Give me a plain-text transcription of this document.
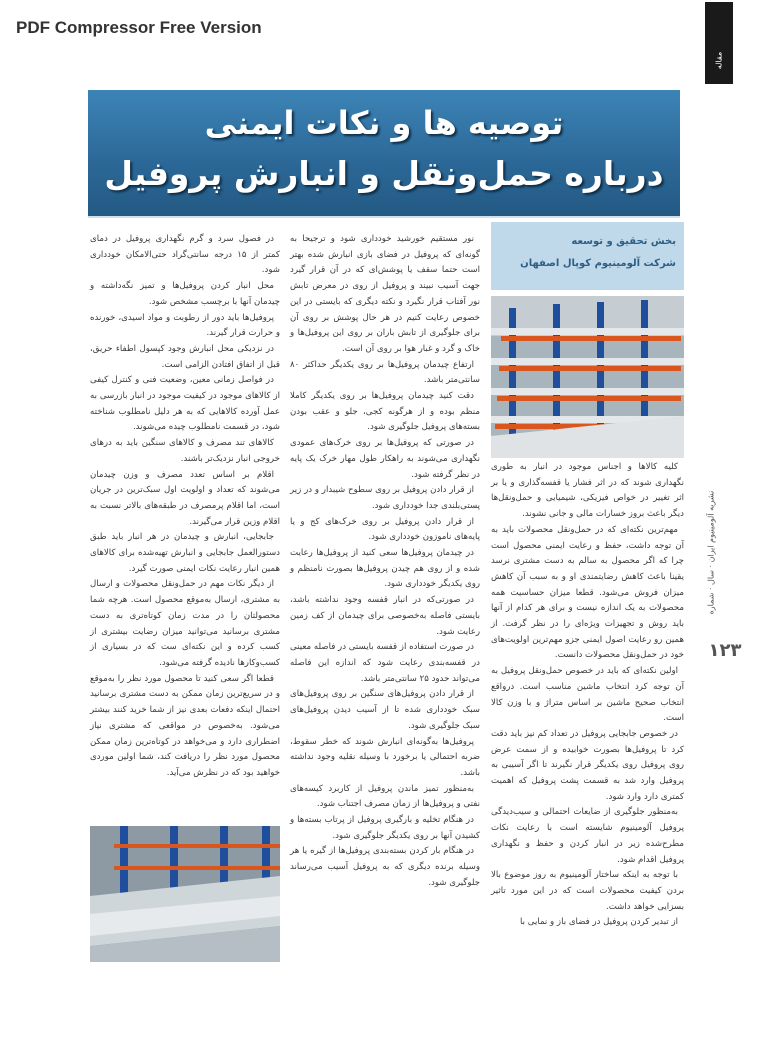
PDF Compressor Free Version
مقاله
نشریه آلومینیوم ایران · سال · شماره
۱۲۳
توصیه ها و نکات ایمنی
درباره حمل‌ونقل و انبارش پروفیل
بخش تحقیق و توسعه
شرکت آلومینیوم کوپال اصفهان

کلیه کالاها و اجناس موجود در انبار به طوری نگهداری شوند که در اثر فشار یا قفسه‌گذاری و یا بر اثر تغییر در خواص فیزیکی، شیمیایی و حمل‌ونقل‌ها دیگر باعث بروز خسارات مالی و جانی نشوند.

مهم‌ترین نکته‌ای که در حمل‌ونقل محصولات باید به آن توجه داشت، حفظ و رعایت ایمنی محصول است چرا که اگر محصول به سالم به دست مشتری نرسد یقینا باعث کاهش رضایتمندی او و به سبب آن کاهش میزان فروش می‌شود. قطعا میزان حساسیت همه محصولات به یک اندازه نیست و برای هر کدام از آنها باید روش و تجهیزات ویژه‌ای را در نظر گرفت. از همین رو رعایت اصول ایمنی جزو مهم‌ترین اولویت‌های خود در حمل‌ونقل محصولات دانست.

اولین نکته‌ای که باید در خصوص حمل‌ونقل پروفیل به آن توجه کرد انتخاب ماشین مناسب است. درواقع انتخاب صحیح ماشین بر اساس متراژ و با وزن کالا است.

در خصوص جابجایی پروفیل در تعداد کم نیز باید دقت کرد تا پروفیل‌ها بصورت خوابیده و از سمت عرض روی پروفیل روی یکدیگر قرار نگیرند تا اگر آسیبی به پروفیل وارد شد به قسمت پشت پروفیل که اهمیت کمتری دارد وارد شود.

به‌منظور جلوگیری از ضایعات احتمالی و سیب‌دیدگی پروفیل آلومینیوم شایسته است با رعایت نکات مطرح‌شده زیر در انبار کردن و حفظ و نگهداری پروفیل اقدام شود.

با توجه به اینکه ساختار آلومینیوم به روز موضوع بالا بردن کیفیت محصولات است که در این مورد تاثیر بسزایی خواهد داشت.

از تبدیر کردن پروفیل در فضای باز و نمایی با

نور مستقیم خورشید خودداری شود و ترجیحا به گونه‌ای که پروفیل در فضای بازی انبارش شده بهتر است حتما سقف یا پوشش‌ای که در آن قرار گیرد جهت آسیب نبیند و پروفیل از روی در معرض تابش نور آفتاب قرار نگیرد و نکته دیگری که بایستی در این خصوص رعایت کنیم در هر حال پوشش بر روی آن برای جلوگیری از تابش باران بر روی این پروفیل‌ها و خاک و گرد و غبار هوا بر روی آن است.

ارتفاع چیدمان پروفیل‌ها بر روی یکدیگر حداکثر ۸۰ سانتی‌متر باشد.

دقت کنید چیدمان پروفیل‌ها بر روی یکدیگر کاملا منظم بوده و از هرگونه کجی، جلو و عقب بودن بسته‌های پروفیل جلوگیری شود.

در صورتی که پروفیل‌ها بر روی خرک‌های عمودی نگهداری می‌شوند به راهکار طول مهار خرک یک پایه در نظر گرفته شود.

از قرار دادن پروفیل بر روی سطوح شیبدار و در زیر پستی‌بلندی جدا خودداری شود.

از قرار دادن پروفیل بر روی خرک‌های کج و یا پایه‌های ناموزون خودداری شود.

در چیدمان پروفیل‌ها سعی کنید از پروفیل‌ها رعایت شده و از روی هم چیدن پروفیل‌ها بصورت نامنظم و روی یکدیگر خودداری شود.

در صورتی‌که در انبار قفسه وجود نداشته باشد، بایستی فاصله به‌خصوصی برای چیدمان از کف زمین رعایت شود.

در صورت استفاده از قفسه بایستی در فاصله معینی در قفسه‌بندی رعایت شود که اندازه این فاصله می‌تواند حدود ۲۵ سانتی‌متر باشد.

از قرار دادن پروفیل‌های سنگین بر روی پروفیل‌های سبک خودداری شده تا از آسیب دیدن پروفیل‌های سبک جلوگیری شود.

پروفیل‌ها به‌گونه‌ای انبارش شوند که خطر سقوط، ضربه احتمالی یا برخورد با وسیله نقلیه وجود نداشته باشد.

به‌منظور تمیز ماندن پروفیل از کاربرد کیسه‌های نفتی و پروفیل‌ها از زمان مصرف اجتناب شود.

در هنگام تخلیه و بارگیری پروفیل از پرتاب بسته‌ها و کشیدن آنها بر روی یکدیگر جلوگیری شود.

در هنگام بار کردن بسته‌بندی پروفیل‌ها از گیره یا هر وسیله برنده دیگری که به پروفیل آسیب می‌رساند جلوگیری شود.

در فصول سرد و گرم نگهداری پروفیل در دمای کمتر از ۱۵ درجه سانتی‌گراد حتی‌الامکان خودداری شود.

محل انبار کردن پروفیل‌ها و تمیز نگه‌داشته و چیدمان آنها با برچسب مشخص شود.

پروفیل‌ها باید دور از رطوبت و مواد اسیدی، خورنده و حرارت قرار گیرند.

در نزدیکی محل انبارش وجود کپسول اطفاء حریق، قبل از اتفاق افتادن الزامی است.

در فواصل زمانی معین، وضعیت فنی و کنترل کیفی از کالاهای موجود در کیفیت موجود در انبار بازرسی به عمل آورده کالاهایی که به هر دلیل نامطلوب شناخته شود، در قسمت نامطلوب چیده می‌شوند.

کالاهای تند مصرف و کالاهای سنگین باید به درهای خروجی انبار نزدیک‌تر باشند.

اقلام بر اساس تعدد مصرف و وزن چیدمان می‌شوند که تعداد و اولویت اول سبک‌ترین در جریان است، اما اقلام پرمصرف در طبقه‌های بالاتر نسبت به اقلام وزین قرار می‌گیرند.

جابجایی، انبارش و چیدمان در هر انبار باید طبق دستورالعمل جابجایی و انبارش تهیه‌شده برای کالاهای همین انبار رعایت نکات ایمنی صورت گیرد.

از دیگر نکات مهم در حمل‌ونقل محصولات و ارسال به مشتری، ارسال به‌موقع محصول است. هرچه شما محصولتان را در مدت زمان کوتاه‌تری به دست مشتری برسانید می‌توانید میزان رضایت بیشتری از کسب کرده و این نکته‌ای ست که در بسیاری از کسب‌وکارها نادیده گرفته می‌شود.

قطعا اگر سعی کنید تا محصول مورد نظر را به‌موقع و در سریع‌ترین زمان ممکن به دست مشتری برسانید احتمال اینکه دفعات بعدی نیز از شما خرید کنند بیشتر می‌شود. به‌خصوص در مواقعی که مشتری نیاز اضطراری دارد و می‌خواهد در کوتاه‌ترین زمان ممکن محصول مورد نظر را دریافت کند، شما اولین موردی خواهید بود که در نظرش می‌آید.
